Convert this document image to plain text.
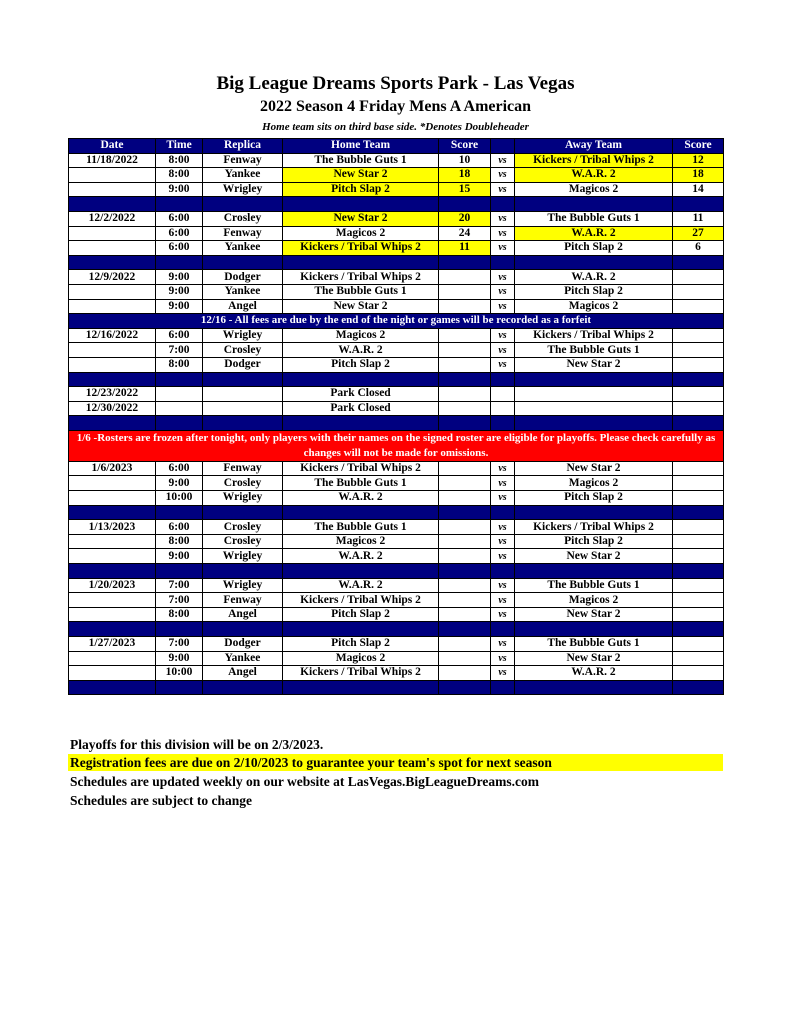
Big League Dreams Sports Park - Las Vegas
2022 Season 4 Friday Mens A American
Home team sits on third base side. *Denotes Doubleheader
Date	Time	Replica	Home Team	Score		Away Team	Score
11/18/2022	8:00	Fenway	The Bubble Guts 1	10	vs	Kickers / Tribal Whips 2	12
	8:00	Yankee	New Star 2	18	vs	W.A.R. 2	18
	9:00	Wrigley	Pitch Slap 2	15	vs	Magicos 2	14

12/2/2022	6:00	Crosley	New Star 2	20	vs	The Bubble Guts 1	11
	6:00	Fenway	Magicos 2	24	vs	W.A.R. 2	27
	6:00	Yankee	Kickers / Tribal Whips 2	11	vs	Pitch Slap 2	6

12/9/2022	9:00	Dodger	Kickers / Tribal Whips 2		vs	W.A.R. 2	
	9:00	Yankee	The Bubble Guts 1		vs	Pitch Slap 2	
	9:00	Angel	New Star 2		vs	Magicos 2	
12/16 - All fees are due by the end of the night or games will be recorded as a forfeit							
12/16/2022	6:00	Wrigley	Magicos 2		vs	Kickers / Tribal Whips 2	
	7:00	Crosley	W.A.R. 2		vs	The Bubble Guts 1	
	8:00	Dodger	Pitch Slap 2		vs	New Star 2	

12/23/2022			Park Closed				
12/30/2022			Park Closed				

1/6 -Rosters are frozen after tonight, only players with their names on the signed roster are eligible for playoffs. Please check carefully as changes will not be made for omissions.							
1/6/2023	6:00	Fenway	Kickers / Tribal Whips 2		vs	New Star 2	
	9:00	Crosley	The Bubble Guts 1		vs	Magicos 2	
	10:00	Wrigley	W.A.R. 2		vs	Pitch Slap 2	

1/13/2023	6:00	Crosley	The Bubble Guts 1		vs	Kickers / Tribal Whips 2	
	8:00	Crosley	Magicos 2		vs	Pitch Slap 2	
	9:00	Wrigley	W.A.R. 2		vs	New Star 2	

1/20/2023	7:00	Wrigley	W.A.R. 2		vs	The Bubble Guts 1	
	7:00	Fenway	Kickers / Tribal Whips 2		vs	Magicos 2	
	8:00	Angel	Pitch Slap 2		vs	New Star 2	

1/27/2023	7:00	Dodger	Pitch Slap 2		vs	The Bubble Guts 1	
	9:00	Yankee	Magicos 2		vs	New Star 2	
	10:00	Angel	Kickers / Tribal Whips 2		vs	W.A.R. 2	

Playoffs for this division will be on 2/3/2023.
Registration fees are due on 2/10/2023 to guarantee your team's spot for next season
Schedules are updated weekly on our website at LasVegas.BigLeagueDreams.com
Schedules are subject to change
